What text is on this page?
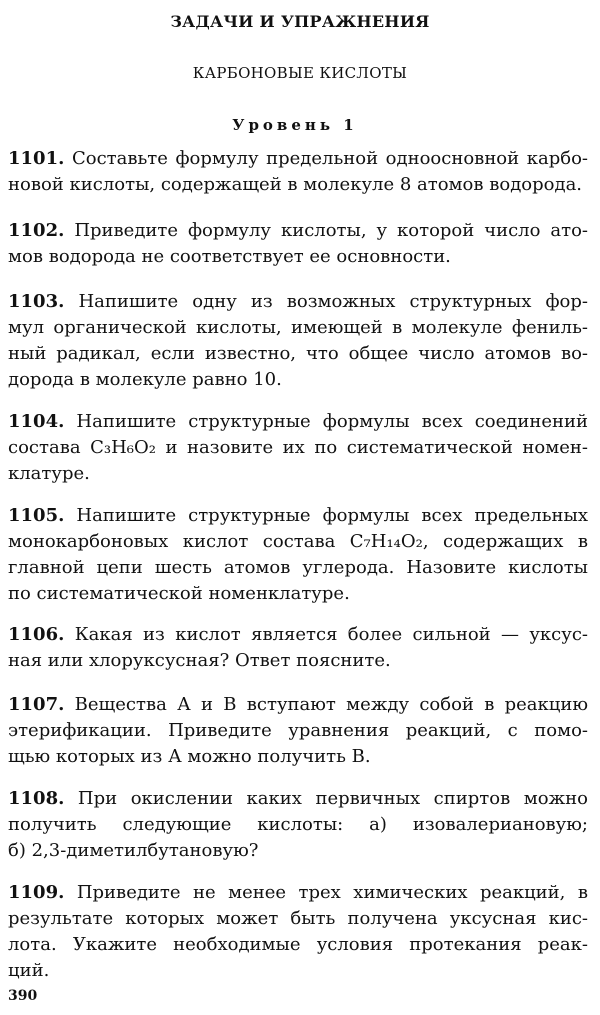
ЗАДАЧИ И УПРАЖНЕНИЯ
КАРБОНОВЫЕ КИСЛОТЫ
Уровень 1
1101. Составьте формулу предельной одноосновной карбо-
новой кислоты, содержащей в молекуле 8 атомов водорода.
1102. Приведите формулу кислоты, у которой число ато-
мов водорода не соответствует ее основности.
1103. Напишите одну из возможных структурных фор-
мул органической кислоты, имеющей в молекуле фениль-
ный радикал, если известно, что общее число атомов во-
дорода в молекуле равно 10.
1104. Напишите структурные формулы всех соединений
состава C₃H₆O₂ и назовите их по систематической номен-
клатуре.
1105. Напишите структурные формулы всех предельных
монокарбоновых кислот состава C₇H₁₄O₂, содержащих в
главной цепи шесть атомов углерода. Назовите кислоты
по систематической номенклатуре.
1106. Какая из кислот является более сильной — уксус-
ная или хлоруксусная? Ответ поясните.
1107. Вещества А и В вступают между собой в реакцию
этерификации. Приведите уравнения реакций, с помо-
щью которых из А можно получить В.
1108. При окислении каких первичных спиртов можно
получить следующие кислоты: а) изовалериановую;
б) 2,3-диметилбутановую?
1109. Приведите не менее трех химических реакций, в
результате которых может быть получена уксусная кис-
лота. Укажите необходимые условия протекания реак-
ций.
390
